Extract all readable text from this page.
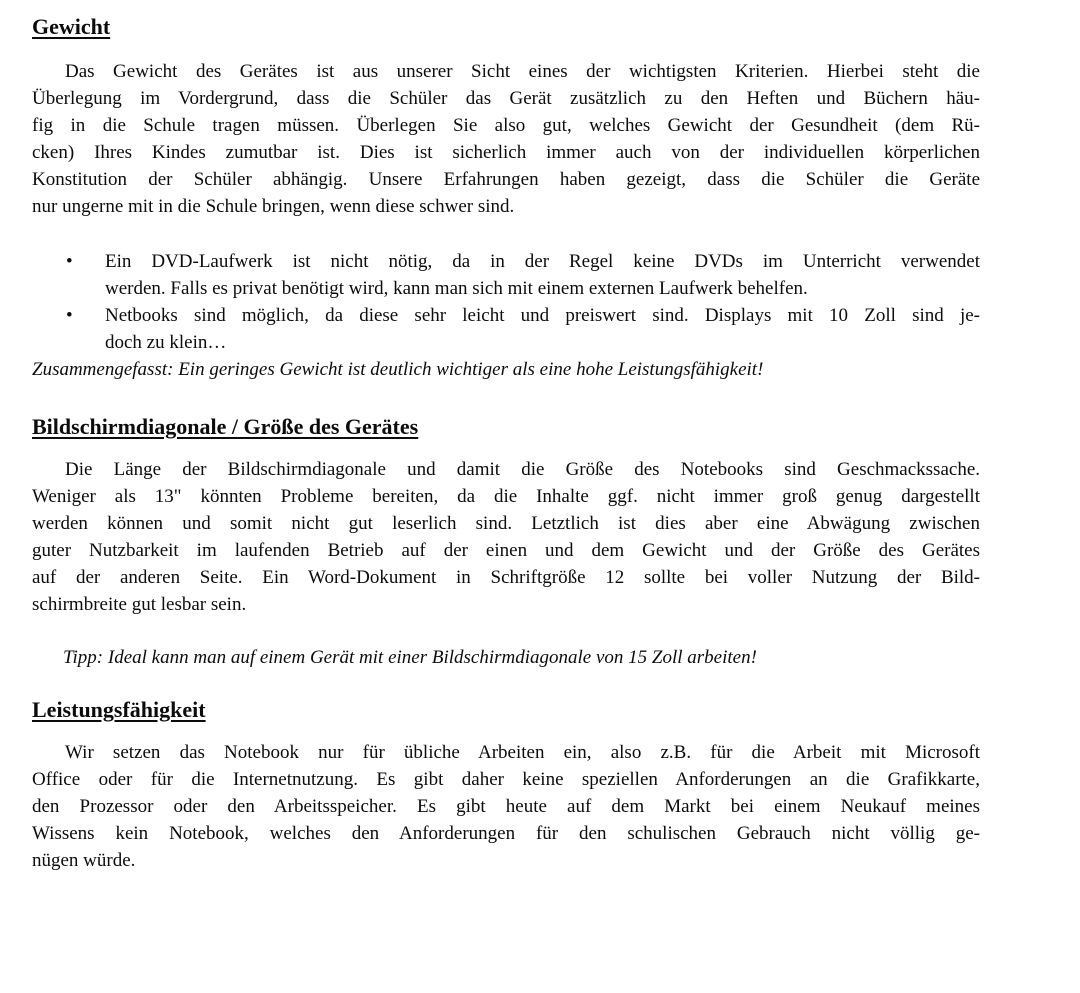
Gewicht
Das Gewicht des Gerätes ist aus unserer Sicht eines der wichtigsten Kriterien. Hierbei steht die
Überlegung im Vordergrund, dass die Schüler das Gerät zusätzlich zu den Heften und Büchern häu-
fig in die Schule tragen müssen. Überlegen Sie also gut, welches Gewicht der Gesundheit (dem Rü-
cken) Ihres Kindes zumutbar ist. Dies ist sicherlich immer auch von der individuellen körperlichen
Konstitution der Schüler abhängig. Unsere Erfahrungen haben gezeigt, dass die Schüler die Geräte
nur ungerne mit in die Schule bringen, wenn diese schwer sind.
• Ein DVD-Laufwerk ist nicht nötig, da in der Regel keine DVDs im Unterricht verwendet
werden. Falls es privat benötigt wird, kann man sich mit einem externen Laufwerk behelfen.
• Netbooks sind möglich, da diese sehr leicht und preiswert sind. Displays mit 10 Zoll sind je-
doch zu klein…
Zusammengefasst: Ein geringes Gewicht ist deutlich wichtiger als eine hohe Leistungsfähigkeit!
Bildschirmdiagonale / Größe des Gerätes
Die Länge der Bildschirmdiagonale und damit die Größe des Notebooks sind Geschmackssache.
Weniger als 13" könnten Probleme bereiten, da die Inhalte ggf. nicht immer groß genug dargestellt
werden können und somit nicht gut leserlich sind. Letztlich ist dies aber eine Abwägung zwischen
guter Nutzbarkeit im laufenden Betrieb auf der einen und dem Gewicht und der Größe des Gerätes
auf der anderen Seite. Ein Word-Dokument in Schriftgröße 12 sollte bei voller Nutzung der Bild-
schirmbreite gut lesbar sein.
Tipp: Ideal kann man auf einem Gerät mit einer Bildschirmdiagonale von 15 Zoll arbeiten!
Leistungsfähigkeit
Wir setzen das Notebook nur für übliche Arbeiten ein, also z.B. für die Arbeit mit Microsoft
Office oder für die Internetnutzung. Es gibt daher keine speziellen Anforderungen an die Grafikkarte,
den Prozessor oder den Arbeitsspeicher. Es gibt heute auf dem Markt bei einem Neukauf meines
Wissens kein Notebook, welches den Anforderungen für den schulischen Gebrauch nicht völlig ge-
nügen würde.
